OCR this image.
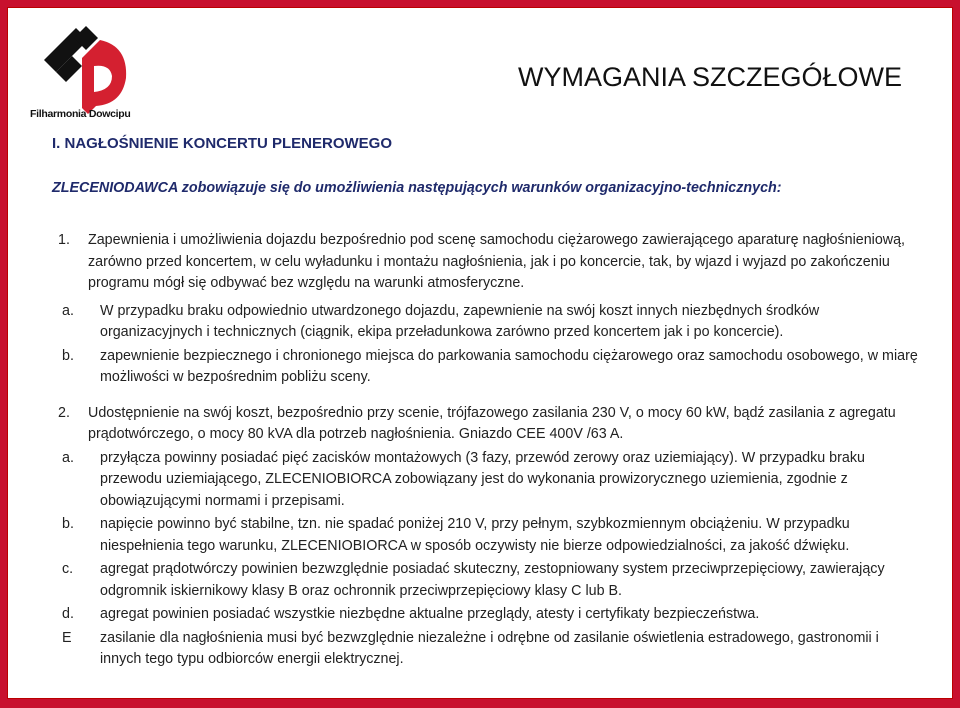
Filharmonia Dowcipu
WYMAGANIA SZCZEGÓŁOWE
I. NAGŁOŚNIENIE KONCERTU PLENEROWEGO
ZLECENIODAWCA zobowiązuje się do umożliwienia następujących warunków organizacyjno-technicznych:
1. Zapewnienia i umożliwienia dojazdu bezpośrednio pod scenę samochodu ciężarowego zawierającego aparaturę nagłośnieniową, zarówno przed koncertem, w celu wyładunku i montażu nagłośnienia, jak i po koncercie, tak, by wjazd i wyjazd po zakończeniu programu mógł się odbywać bez względu na warunki atmosferyczne.
a. W przypadku braku odpowiednio utwardzonego dojazdu, zapewnienie na swój koszt innych niezbędnych środków organizacyjnych i technicznych (ciągnik, ekipa przeładunkowa zarówno przed koncertem jak i po koncercie).
b. zapewnienie bezpiecznego i chronionego miejsca do parkowania samochodu ciężarowego oraz samochodu osobowego, w miarę możliwości w bezpośrednim pobliżu sceny.
2. Udostępnienie na swój koszt, bezpośrednio przy scenie, trójfazowego zasilania 230 V, o mocy 60 kW, bądź zasilania z agregatu prądotwórczego, o mocy 80 kVA dla potrzeb nagłośnienia. Gniazdo CEE 400V /63 A.
a. przyłącza powinny posiadać pięć zacisków montażowych (3 fazy, przewód zerowy oraz uziemiający). W przypadku braku przewodu uziemiającego, ZLECENIOBIORCA zobowiązany jest do wykonania prowizorycznego uziemienia, zgodnie z obowiązującymi normami i przepisami.
b. napięcie powinno być stabilne, tzn. nie spadać poniżej 210 V, przy pełnym, szybkozmiennym obciążeniu. W przypadku niespełnienia tego warunku, ZLECENIOBIORCA w sposób oczywisty nie bierze odpowiedzialności, za jakość dźwięku.
c. agregat prądotwórczy powinien bezwzględnie posiadać skuteczny, zestopniowany system przeciwprzepięciowy, zawierający odgromnik iskiernikowy klasy B oraz ochronnik przeciwprzepięciowy klasy C lub B.
d. agregat powinien posiadać wszystkie niezbędne aktualne przeglądy, atesty i certyfikaty bezpieczeństwa.
E zasilanie dla nagłośnienia musi być bezwzględnie niezależne i odrębne od zasilanie oświetlenia estradowego, gastronomii i innych tego typu odbiorców energii elektrycznej.
